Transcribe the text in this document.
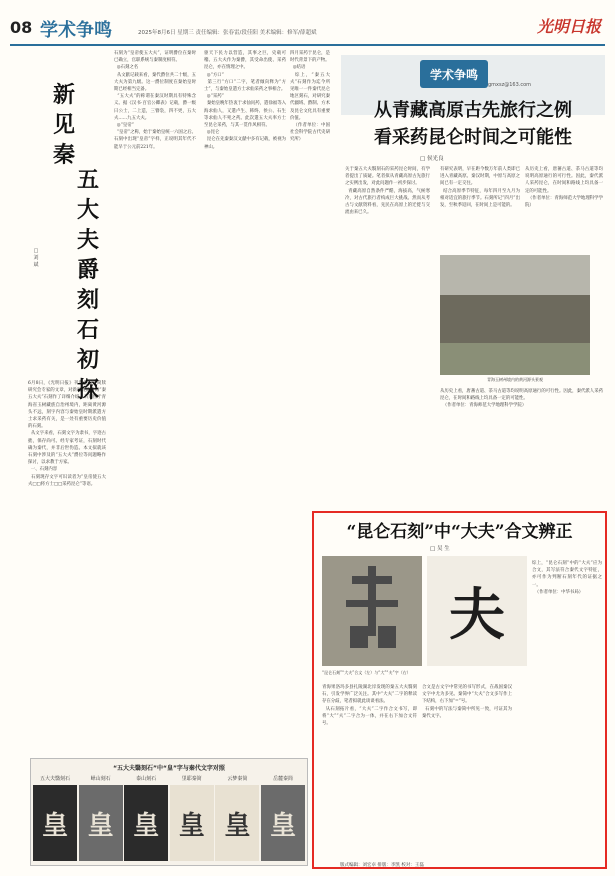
08 学术争鸣	2025年8月6日 星期三 责任编辑：张春雷/段佳阳 美术编辑：修军/薛超斌	光明日报
新
见
秦
□
刘
斌
6月8日，《光明日报》刊发全国秦简牍研究会专家的文章，对新发现的青海“秦五大夫”石刻作了详细介绍。石刻位于青海省玉树藏族自治州境内，距离黄河源头不远，刻字内容与秦始皇时期派遣方士求采药有关，是一处有重要历史价值的石刻。
从文字来看，石刻文字为隶书，字迹古拙，保存尚可。经专家考证，石刻时代确为秦代，并非后世伪造。本文拟就该石刻中涉及的“五大夫”爵位等问题略作探讨，以求教于方家。
一、石刻内容
石刻现存文字可识读者为“皇帝使五大夫□□将方士□□采药昆仑”等语。
石刻为“皇帝使五大夫”，证明爵位在秦时已确立，官职系统与秦制度相符。
◎石刻之名
从文献记载来看，秦代爵位共二十级，五大夫为第九级。这一爵位制度在秦始皇时期已经相当完备。
“五大夫”的称谓在秦汉时期具有特殊含义。据《汉书·百官公卿表》记载，爵一级曰公士，二上造，三簪袅，四不更，五大夫……九五大夫。
◎“皇帝”
“皇帝”之称，始于秦始皇统一六国之后。石刻中出现“皇帝”字样，正说明其年代不能早于公元前221年。
驱天下民力以营造，其事之巨，史载可稽。五大夫作为秦爵，其受命出使、采药昆仑，亦在情理之中。
◎“方口”
第三行“方口”二字，笔者倾向释为“方士”，与秦始皇遣方士求仙采药之事相合。
◎“采药”
秦始皇晚年热衷于求仙问药，遣徐福等入海求仙人，又遣卢生、韩终、侯公、石生等求仙人不死之药。此次遣五大夫率方士至昆仑采药，与其一贯作风相符。
◎昆仑
昆仑在先秦秦汉文献中多有记载，被视为神山。
四月采药于昆仑，是时代背景下的产物。
◎结语
综上，“秦五大夫”石刻作为迄今所见唯一一件秦代昆仑地区刻石，对研究秦代疆域、爵制、方术及昆仑文化具有重要价值。
（作者单位：中国社会科学院古代史研究所）
“五大夫翳刻石”中“皇”字与秦代文字对照
五大夫翳刻石	峄山刻石	泰山刻石	里耶秦简	云梦秦简	岳麓秦简
皇 皇 皇 皇 皇 皇
学术争鸣
gmxsz@163.com
从青藏高原古先旅行之例
看采药昆仑时间之可能性
□ 侯光良
关于秦五大夫翳刻石的采药昆仑时间，有学者提出了质疑。笔者拟从青藏高原古先旅行之实例出发，对此问题作一初步探讨。
青藏高原自然条件严酷，海拔高，气候寒冷，对古代旅行者构成巨大挑战。然而从考古与文献资料看，先民在高原上的迁徙与交流由来已久。
有研究表明，早在距今数万年前人类即已进入青藏高原。秦汉时期，中原与高原之间已有一定交往。
结合高原季节特征，每年四月至九月为相对适宜的旅行季节。石刻所记“四月”出发，至秋季返回，在时间上是可能的。
从历史上看，唐蕃古道、茶马古道等均说明高原通行的可行性。因此，秦代派人采药昆仑，在时间和路线上均具备一定的可能性。
（作者单位：青海师范大学地理科学学院）
青海玉树州境内的黄河源头景观
从历史上看，唐蕃古道、茶马古道等均说明高原通行的可行性。因此，秦代派人采药昆仑，在时间和路线上均具备一定的可能性。
（作者单位：青海师范大学地理科学学院）
“昆仑石刻”中“大夫”合文辨正
□ 吴 生
夫
“昆仑石刻”“大夫”合文（左）与“大”“夫”字（右）
青海果洛玛多县扎陵湖北岸发现的秦五大夫翳刻石，引发学界广泛关注。其中“大夫”二字的释读存在分歧，笔者拟就此谈谈看法。
从石刻拓片看，“大夫”二字作合文书写，即将“大”“夫”二字合为一体，并在右下加合文符号。
合文是古文字中常见的书写形式，在战国秦汉文字中尤为多见。秦简中“大夫”合文多写作上下结构，右下加“=”号。
石刻中的写法与秦简中所见一致，可证其为秦代文字。
综上，“昆仑石刻”中的“大夫”应为合文，其写法符合秦代文字特征，亦可作为判断石刻年代的证据之一。
（作者单位：中华书局）
版式编辑：刘宏卓 排版：李凯 校对：王磊
五
大
夫
爵
刻
石
初
探
